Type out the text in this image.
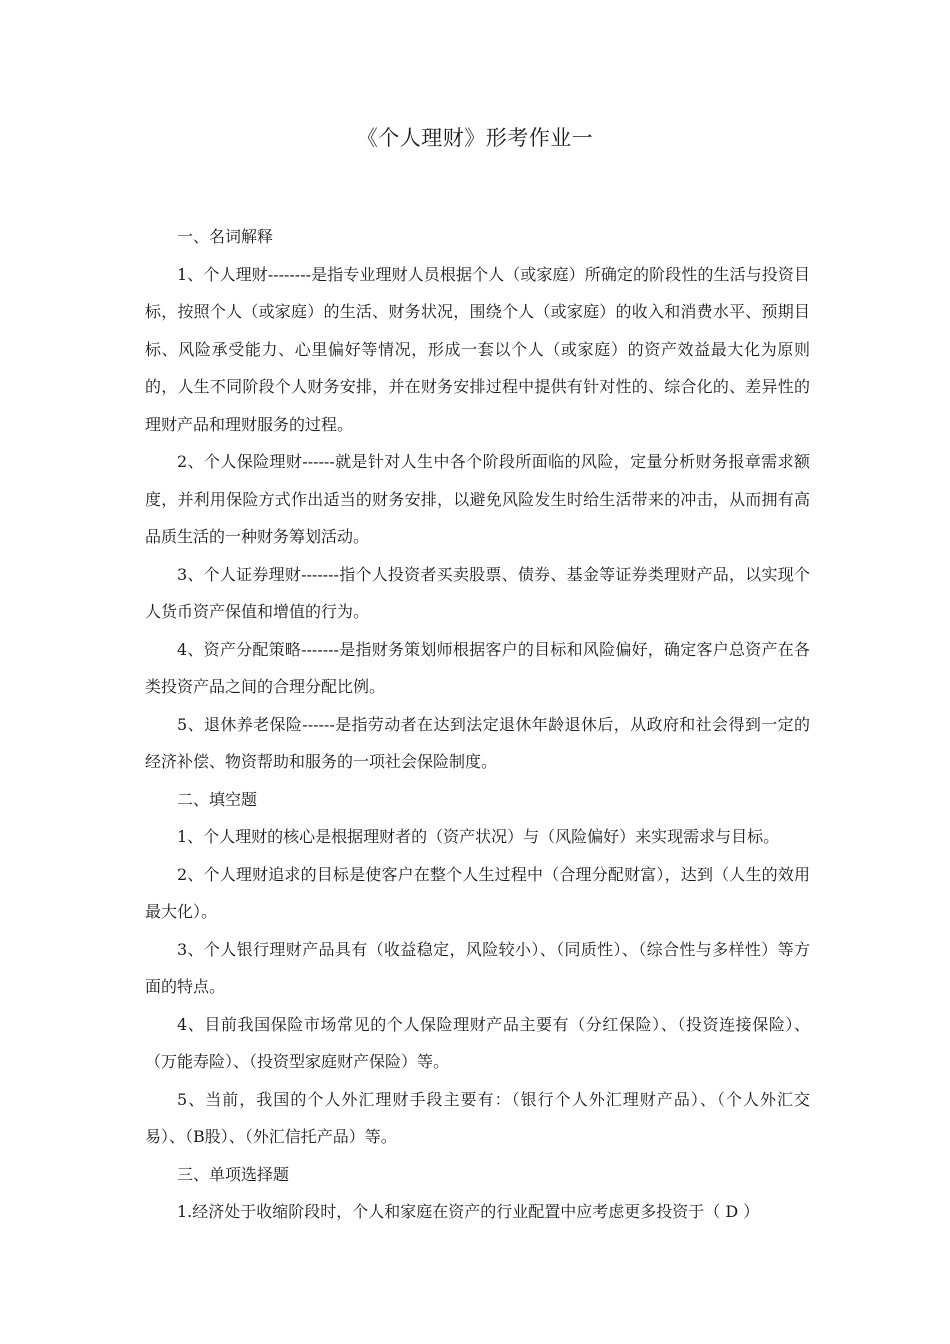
《个人理财》形考作业一

一、名词解释

1、个人理财--------是指专业理财人员根据个人（或家庭）所确定的阶段性的生活与投资目标，按照个人（或家庭）的生活、财务状况，围绕个人（或家庭）的收入和消费水平、预期目标、风险承受能力、心里偏好等情况，形成一套以个人（或家庭）的资产效益最大化为原则的，人生不同阶段个人财务安排，并在财务安排过程中提供有针对性的、综合化的、差异性的理财产品和理财服务的过程。

2、个人保险理财------就是针对人生中各个阶段所面临的风险，定量分析财务报章需求额度，并利用保险方式作出适当的财务安排，以避免风险发生时给生活带来的冲击，从而拥有高品质生活的一种财务筹划活动。

3、个人证券理财-------指个人投资者买卖股票、债券、基金等证券类理财产品，以实现个人货币资产保值和增值的行为。

4、资产分配策略-------是指财务策划师根据客户的目标和风险偏好，确定客户总资产在各类投资产品之间的合理分配比例。

5、退休养老保险------是指劳动者在达到法定退休年龄退休后，从政府和社会得到一定的经济补偿、物资帮助和服务的一项社会保险制度。

二、填空题

1、个人理财的核心是根据理财者的（资产状况）与（风险偏好）来实现需求与目标。

2、个人理财追求的目标是使客户在整个人生过程中（合理分配财富），达到（人生的效用最大化）。

3、个人银行理财产品具有（收益稳定，风险较小）、（同质性）、（综合性与多样性）等方面的特点。

4、目前我国保险市场常见的个人保险理财产品主要有（分红保险）、（投资连接保险）、（万能寿险）、（投资型家庭财产保险）等。

5、当前，我国的个人外汇理财手段主要有：（银行个人外汇理财产品）、（个人外汇交易）、（B股）、（外汇信托产品）等。

三、单项选择题

1.经济处于收缩阶段时，个人和家庭在资产的行业配置中应考虑更多投资于（ D ）
